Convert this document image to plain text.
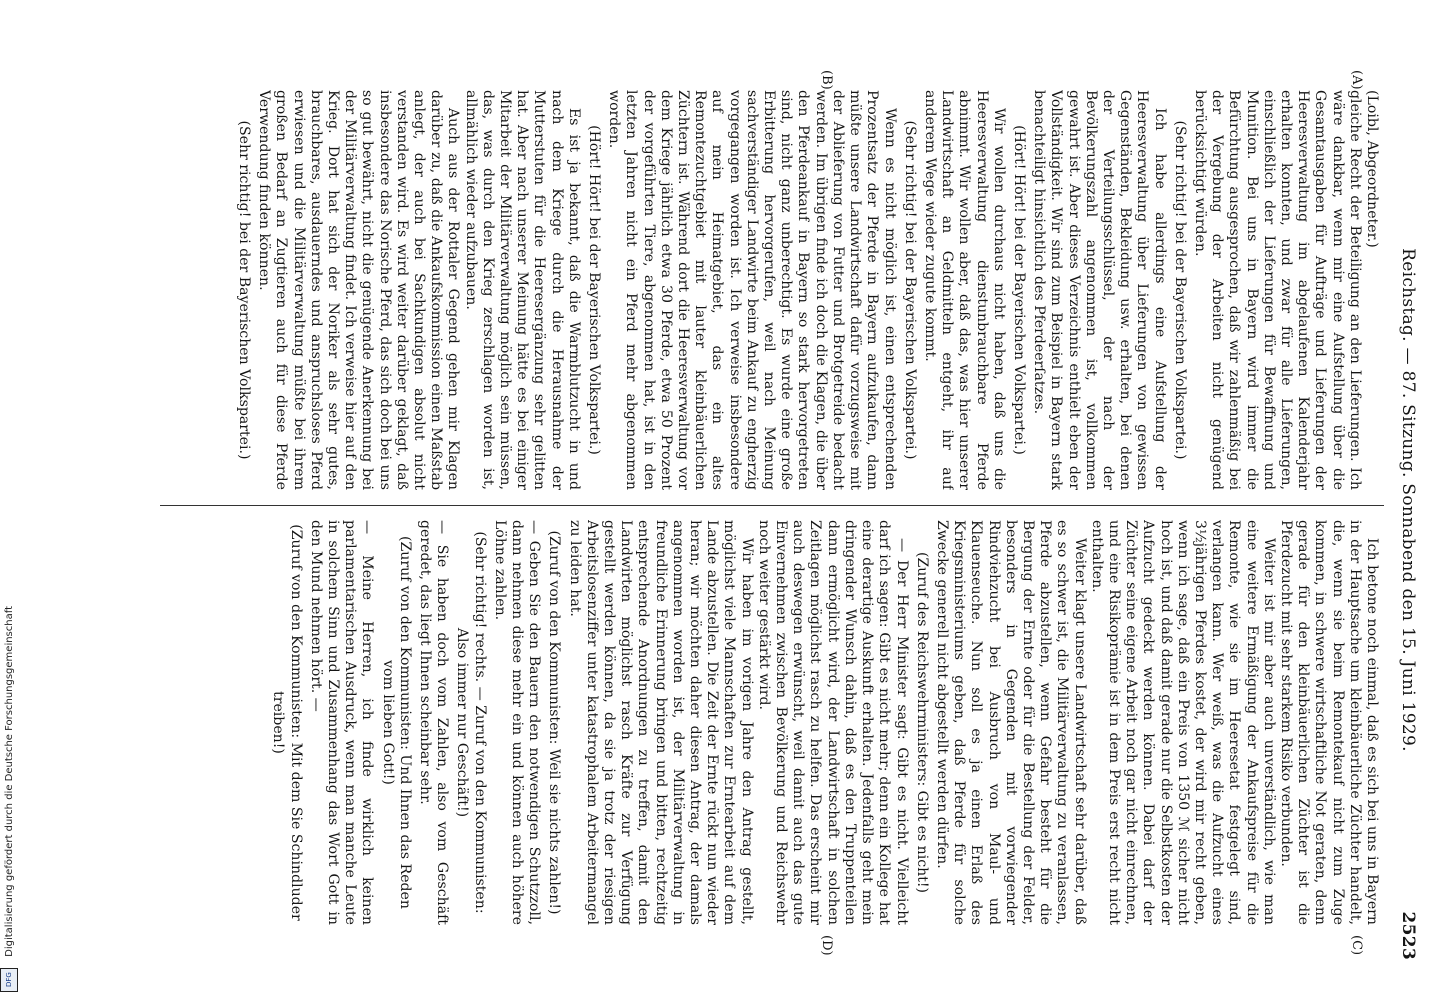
Reichstag. — 87. Sitzung. Sonnabend den 15. Juni 1929.
2523
(A)
(B)
(C)
(D)

(Loibl, Abgeordneter.)

gleiche Recht der Beteiligung an den Lieferungen. Ich wäre dankbar, wenn mir eine Aufstellung über die Gesamtausgaben für Aufträge und Lieferungen der Heeresverwaltung im abgelaufenen Kalenderjahr erhalten konnten, und zwar für alle Lieferungen, einschließlich der Lieferungen für Bewaffnung und Munition. Bei uns in Bayern wird immer die Befürchtung ausgesprochen, daß wir zahlenmäßig bei der Vergebung der Arbeiten nicht genügend berücksichtigt würden.

(Sehr richtig! bei der Bayerischen Volkspartei.)

Ich habe allerdings eine Aufstellung der Heeresverwaltung über Lieferungen von gewissen Gegenständen, Bekleidung usw. erhalten, bei denen der Verteilungsschlüssel, der nach der Bevölkerungszahl angenommen ist, vollkommen gewahrt ist. Aber dieses Verzeichnis enthielt eben der Vollständigkeit. Wir sind zum Beispiel in Bayern stark benachteiligt hinsichtlich des Pferdeerſatzes.

(Hört! Hört! bei der Bayerischen Volkspartei.)

Wir wollen durchaus nicht haben, daß uns die Heeresverwaltung dienstunbrauchbare Pferde abnimmt. Wir wollen aber, daß das, was hier unserer Landwirtschaft an Geldmitteln entgeht, ihr auf anderem Wege wieder zugute kommt.

(Sehr richtig! bei der Bayerischen Volkspartei.)

Wenn es nicht möglich ist, einen entsprechenden Prozentsatz der Pferde in Bayern aufzukaufen, dann müßte unsere Landwirtschaft dafür vorzugsweise mit der Ablieferung von Futter und Brotgetreide bedacht werden. Im übrigen finde ich doch die Klagen, die über den Pferdeankauf in Bayern so stark hervorgetreten sind, nicht ganz unberechtigt. Es wurde eine große Erbitterung hervorgerufen, weil nach Meinung sachverständiger Landwirte beim Ankauf zu engherzig vorgegangen worden ist. Ich verweise insbesondere auf mein Heimatgebiet, das ein altes Remontezuchtgebiet mit lauter kleinbäuerlichen Züchtern ist. Während dort die Heeresverwaltung vor dem Kriege jährlich etwa 30 Pferde, etwa 50 Prozent der vorgeführten Tiere, abgenommen hat, ist in den letzten Jahren nicht ein Pferd mehr abgenommen worden.

(Hört! Hört! bei der Bayerischen Volkspartei.)

Es ist ja bekannt, daß die Warmblutzucht in und nach dem Kriege durch die Herausnahme der Mutterstuten für die Heeresergänzung sehr gelitten hat. Aber nach unserer Meinung hätte es bei einiger Mitarbeit der Militärverwaltung möglich sein müssen, das, was durch den Krieg zerschlagen worden ist, allmählich wieder aufzubauen.

Auch aus der Rottaler Gegend gehen mir Klagen darüber zu, daß die Ankaufskommission einen Maßstab anlegt, der auch bei Sachkundigen absolut nicht verstanden wird. Es wird weiter darüber geklagt, daß insbesondere das Norische Pferd, das sich doch bei uns so gut bewährt, nicht die genügende Anerkennung bei der Militärverwaltung findet. Ich verweise hier auf den Krieg. Dort hat sich der Noriker als sehr gutes, brauchbares, ausdauerndes und anspruchsloses Pferd erwiesen und die Militärverwaltung müßte bei ihrem großen Bedarf an Zugtieren auch für diese Pferde Verwendung finden können.

(Sehr richtig! bei der Bayerischen Volkspartei.)

Ich betone noch einmal, daß es sich bei uns in Bayern in der Hauptsache um kleinbäuerliche Züchter handelt, die, wenn sie beim Remontekauf nicht zum Zuge kommen, in schwere wirtschaftliche Not geraten, denn gerade für den kleinbäuerlichen Züchter ist die Pferdezucht mit sehr starkem Risiko verbunden.

Weiter ist mir aber auch unverständlich, wie man eine weitere Ermäßigung der Ankaufspreise für die Remonte, wie sie im Heeresetat festgelegt sind, verlangen kann. Wer weiß, was die Aufzucht eines 3½jährigen Pferdes kostet, der wird mir recht geben, wenn ich sage, daß ein Preis von 1350 ℳ sicher nicht hoch ist, und daß damit gerade nur die Selbstkosten der Aufzucht gedeckt werden können. Dabei darf der Züchter seine eigene Arbeit noch gar nicht einrechnen, und eine Risikoprämie ist in dem Preis erst recht nicht enthalten.

Weiter klagt unsere Landwirtschaft sehr darüber, daß es so schwer ist, die Militärverwaltung zu veranlassen, Pferde abzustellen, wenn Gefahr besteht für die Bergung der Ernte oder für die Bestellung der Felder, besonders in Gegenden mit vorwiegender Rindviehzucht bei Ausbruch von Maul- und Klauenseuche. Nun soll es ja einen Erlaß des Kriegsministeriums geben, daß Pferde für solche Zwecke generell nicht abgestellt werden dürfen.

(Zuruf des Reichswehrministers: Gibt es nicht!)

— Der Herr Minister sagt: Gibt es nicht. Vielleicht darf ich sagen: Gibt es nicht mehr; denn ein Kollege hat eine derartige Auskunft erhalten. Jedenfalls geht mein dringender Wunsch dahin, daß es den Truppenteilen dann ermöglicht wird, der Landwirtschaft in solchen Zeitlagen möglichst rasch zu helfen. Das erscheint mir auch deswegen erwünscht, weil damit auch das gute Einvernehmen zwischen Bevölkerung und Reichswehr noch weiter gestärkt wird.

Wir haben im vorigen Jahre den Antrag gestellt, möglichst viele Mannschaften zur Erntearbeit auf dem Lande abzustellen. Die Zeit der Ernte rückt nun wieder heran; wir möchten daher diesen Antrag, der damals angenommen worden ist, der Militärverwaltung in freundliche Erinnerung bringen und bitten, rechtzeitig entsprechende Anordnungen zu treffen, damit den Landwirten möglichst rasch Kräfte zur Verfügung gestellt werden können, da sie ja trotz der riesigen Arbeitslosenziffer unter katastrophalem Arbeitermangel zu leiden hat.

(Zuruf von den Kommunisten: Weil sie nichts zahlen!)

— Geben Sie den Bauern den notwendigen Schutzzoll, dann nehmen diese mehr ein und können auch höhere Löhne zahlen.

(Sehr richtig! rechts. — Zuruf von den Kommunisten: Also immer nur Geschäft!)

— Sie haben doch vom Zahlen, also vom Geschäft geredet, das liegt Ihnen scheinbar sehr.

(Zuruf von den Kommunisten: Und Ihnen das Reden vom lieben Gott!)

— Meine Herren, ich finde wirklich keinen parlamentarischen Ausdruck, wenn man manche Leute in solchem Sinn und Zusammenhang das Wort Gott in den Mund nehmen hört. —

(Zuruf von den Kommunisten: Mit dem Sie Schindluder treiben!)

Digitalisierung gefördert durch die Deutsche Forschungsgemeinschaft
DFG
